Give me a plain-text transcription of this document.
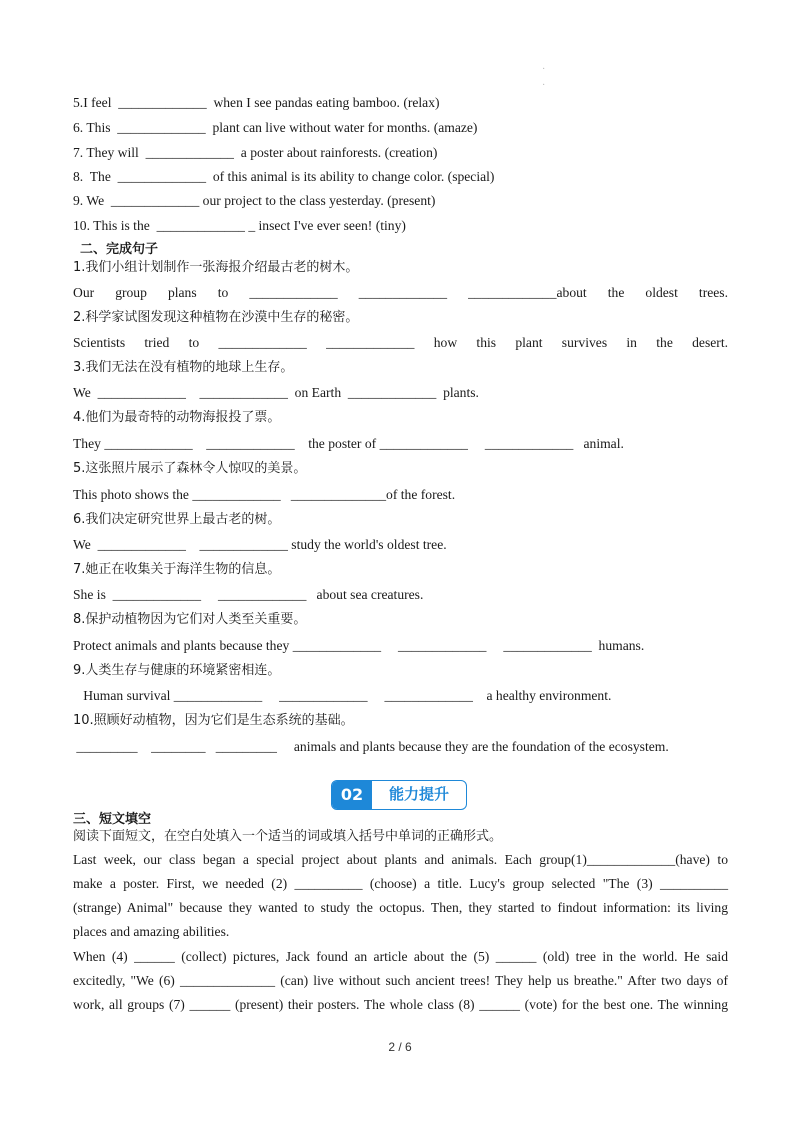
·
·
5.I feel  _____________  when I see pandas eating bamboo. (relax)
6. This  _____________  plant can live without water for months. (amaze)
7. They will  _____________  a poster about rainforests. (creation)
8.  The  _____________  of this animal is its ability to change color. (special)
9. We  _____________ our project to the class yesterday. (present)
10. This is the  _____________ _ insect I've ever seen! (tiny)
二、完成句子
1.我们小组计划制作一张海报介绍最古老的树木。
Our group plans to _____________ _____________ _____________about the oldest trees.
2.科学家试图发现这种植物在沙漠中生存的秘密。
Scientists tried to _____________ _____________ how this plant survives in the desert.
3.我们无法在没有植物的地球上生存。
We  _____________    _____________  on Earth  _____________  plants.
4.他们为最奇特的动物海报投了票。
They _____________    _____________    the poster of _____________     _____________   animal.
5.这张照片展示了森林令人惊叹的美景。
This photo shows the _____________   ______________of the forest.
6.我们决定研究世界上最古老的树。
We  _____________    _____________ study the world's oldest tree.
7.她正在收集关于海洋生物的信息。
She is  _____________     _____________   about sea creatures.
8.保护动植物因为它们对人类至关重要。
Protect animals and plants because they _____________     _____________     _____________  humans.
9.人类生存与健康的环境紧密相连。
Human survival _____________     _____________     _____________    a healthy environment.
10.照顾好动植物，因为它们是生态系统的基础。
_________    ________   _________     animals and plants because they are the foundation of the ecosystem.
02	能力提升
三、短文填空
阅读下面短文，在空白处填入一个适当的词或填入括号中单词的正确形式。
Last week, our class began a special project about plants and animals. Each group(1)_____________(have) to
make a poster. First, we needed (2) __________ (choose) a title. Lucy's group selected "The (3) __________
(strange) Animal" because they wanted to study the octopus. Then, they started to findout information: its living
places and amazing abilities.
When (4) ______ (collect) pictures, Jack found an article about the (5) ______ (old) tree in the world. He said
excitedly, "We (6) ______________ (can) live without such ancient trees! They help us breathe." After two days of
work, all groups (7) ______ (present) their posters. The whole class (8) ______ (vote) for the best one. The winning
2 / 6
